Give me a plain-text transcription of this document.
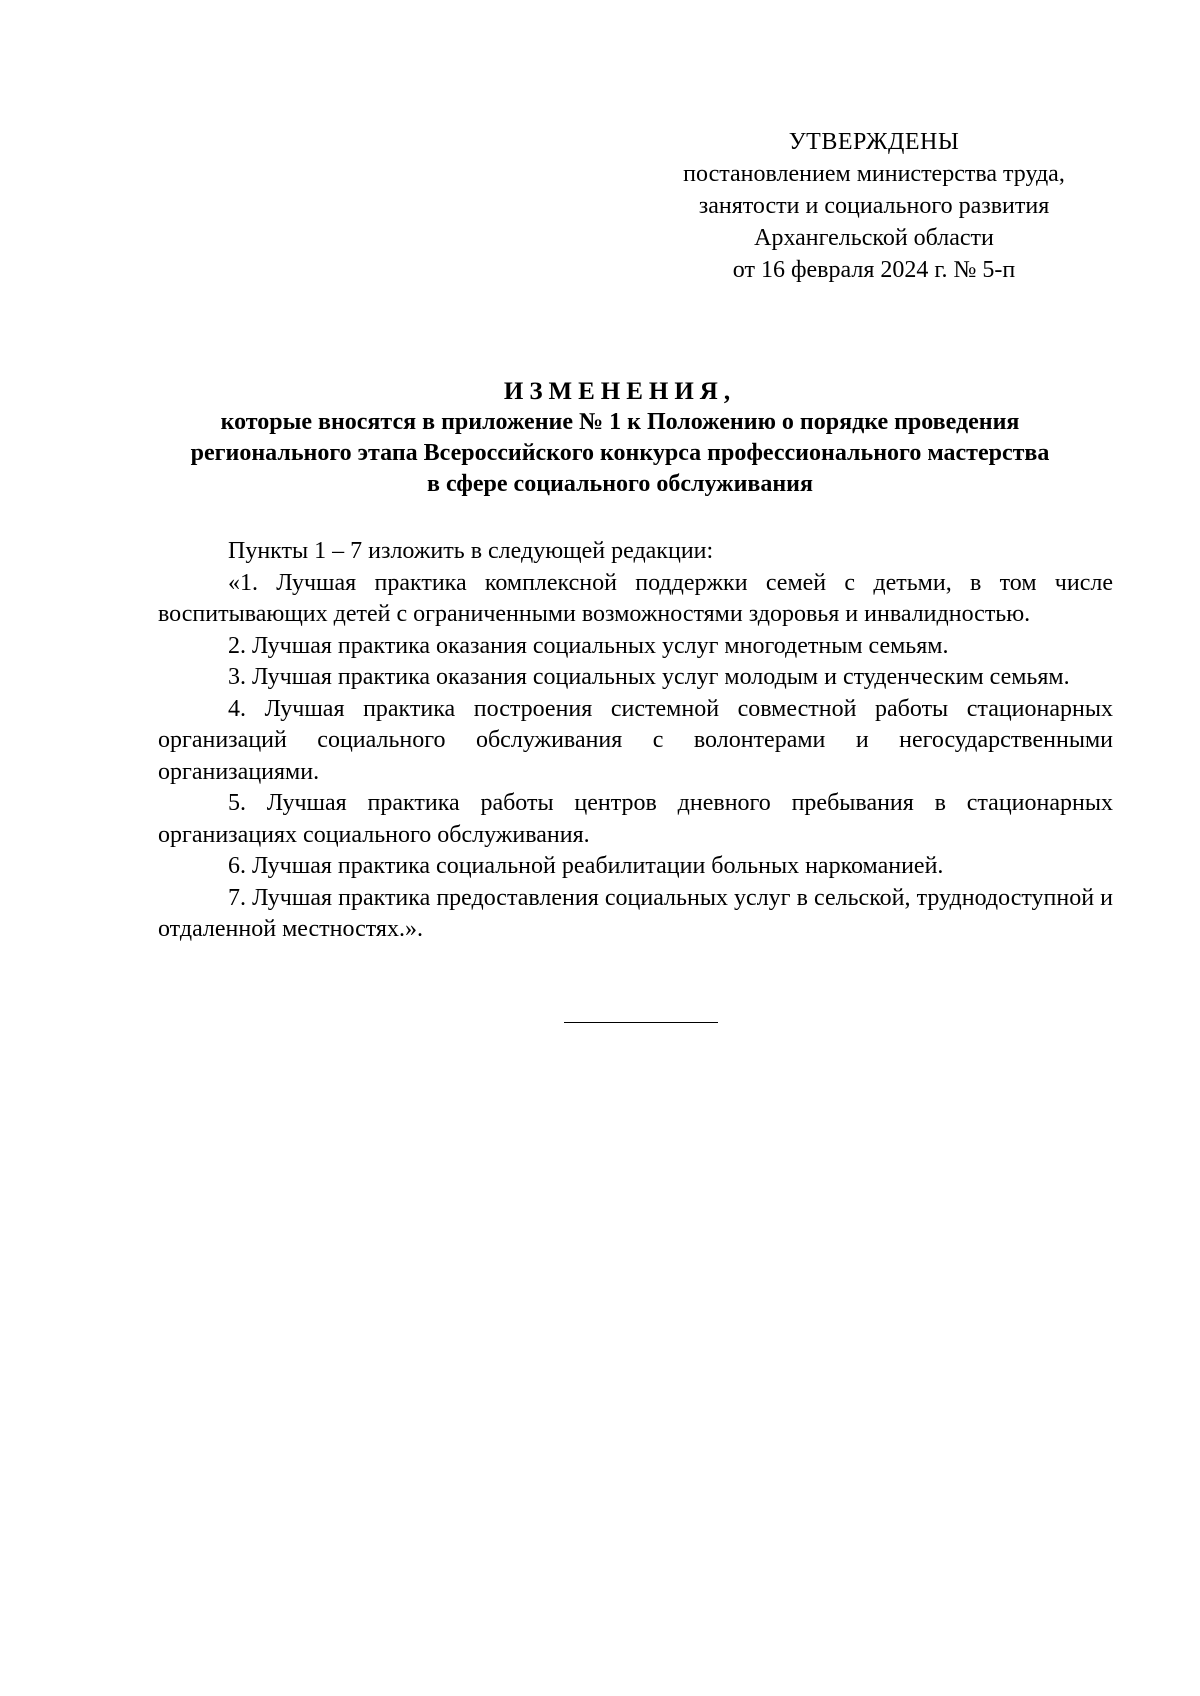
УТВЕРЖДЕНЫ
постановлением министерства труда,
занятости и социального развития
Архангельской области
от 16 февраля 2024 г. № 5-п
ИЗМЕНЕНИЯ,
которые вносятся в приложение № 1 к Положению о порядке проведения
регионального этапа Всероссийского конкурса профессионального мастерства
в сфере социального обслуживания

Пункты 1 – 7 изложить в следующей редакции:

«1. Лучшая практика комплексной поддержки семей с детьми, в том числе воспитывающих детей с ограниченными возможностями здоровья и инвалидностью.

2. Лучшая практика оказания социальных услуг многодетным семьям.

3. Лучшая практика оказания социальных услуг молодым и студенческим семьям.

4. Лучшая практика построения системной совместной работы стационарных организаций социального обслуживания с волонтерами и негосударственными организациями.

5. Лучшая практика работы центров дневного пребывания в стационарных организациях социального обслуживания.

6. Лучшая практика социальной реабилитации больных наркоманией.

7. Лучшая практика предоставления социальных услуг в сельской, труднодоступной и отдаленной местностях.».
